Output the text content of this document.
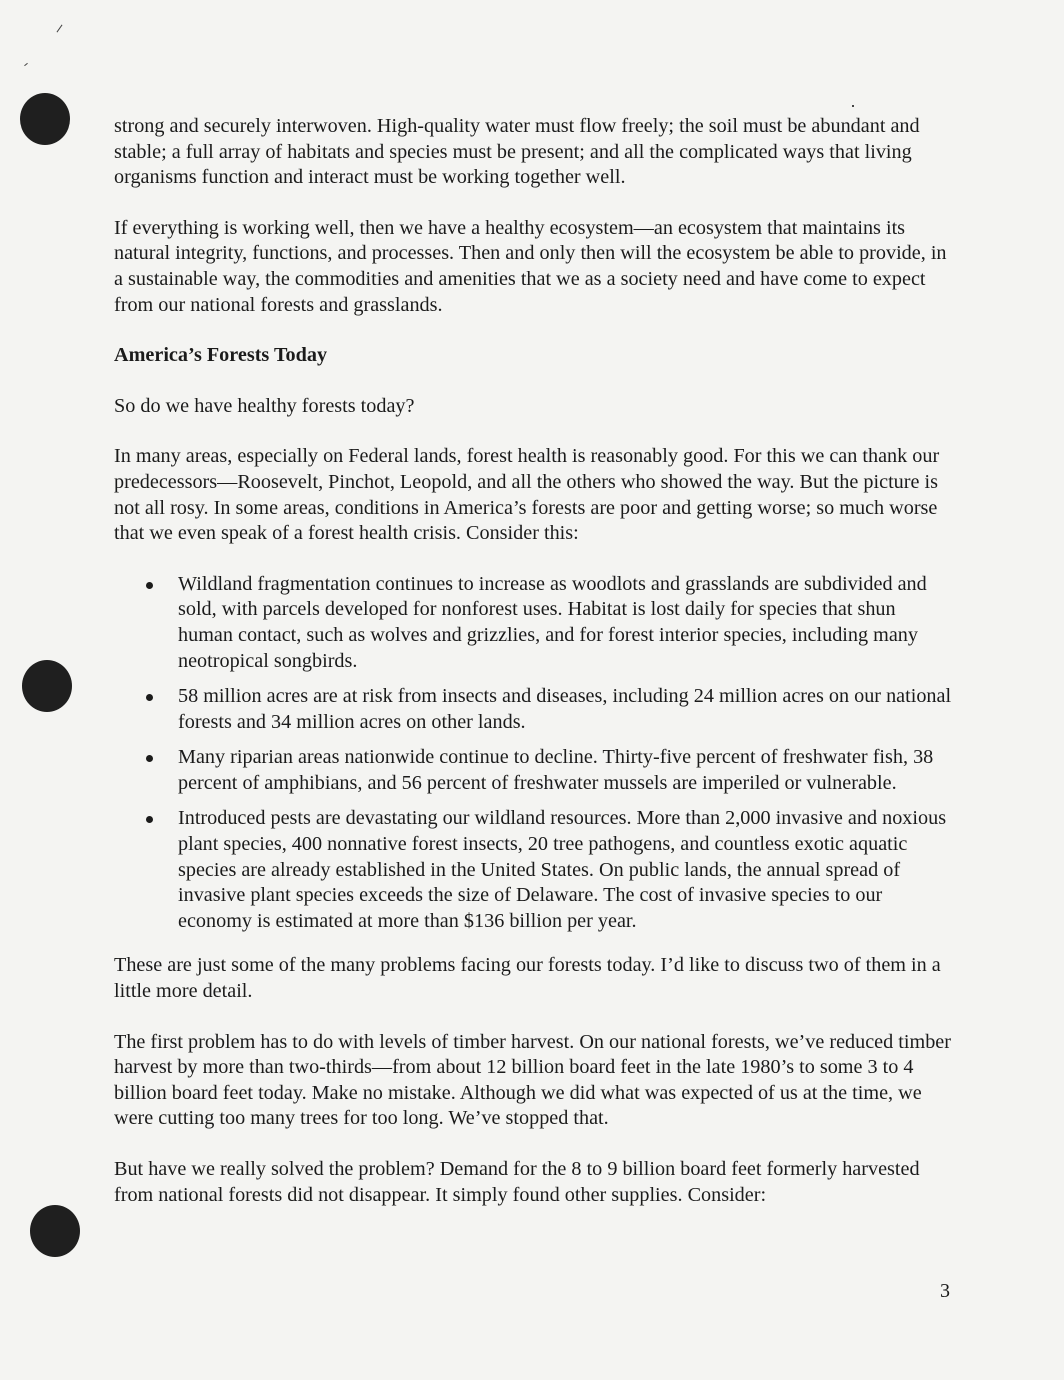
strong and securely interwoven. High-quality water must flow freely; the soil must be abundant and stable; a full array of habitats and species must be present; and all the complicated ways that living organisms function and interact must be working together well.

If everything is working well, then we have a healthy ecosystem—an ecosystem that maintains its natural integrity, functions, and processes. Then and only then will the ecosystem be able to provide, in a sustainable way, the commodities and amenities that we as a society need and have come to expect from our national forests and grasslands.

America’s Forests Today

So do we have healthy forests today?

In many areas, especially on Federal lands, forest health is reasonably good. For this we can thank our predecessors—Roosevelt, Pinchot, Leopold, and all the others who showed the way. But the picture is not all rosy. In some areas, conditions in America’s forests are poor and getting worse; so much worse that we even speak of a forest health crisis. Consider this:

Wildland fragmentation continues to increase as woodlots and grasslands are subdivided and sold, with parcels developed for nonforest uses. Habitat is lost daily for species that shun human contact, such as wolves and grizzlies, and for forest interior species, including many neotropical songbirds.
58 million acres are at risk from insects and diseases, including 24 million acres on our national forests and 34 million acres on other lands.
Many riparian areas nationwide continue to decline. Thirty-five percent of freshwater fish, 38 percent of amphibians, and 56 percent of freshwater mussels are imperiled or vulnerable.
Introduced pests are devastating our wildland resources. More than 2,000 invasive and noxious plant species, 400 nonnative forest insects, 20 tree pathogens, and countless exotic aquatic species are already established in the United States. On public lands, the annual spread of invasive plant species exceeds the size of Delaware. The cost of invasive species to our economy is estimated at more than $136 billion per year.

These are just some of the many problems facing our forests today. I’d like to discuss two of them in a little more detail.

The first problem has to do with levels of timber harvest. On our national forests, we’ve reduced timber harvest by more than two-thirds—from about 12 billion board feet in the late 1980’s to some 3 to 4 billion board feet today. Make no mistake. Although we did what was expected of us at the time, we were cutting too many trees for too long. We’ve stopped that.

But have we really solved the problem? Demand for the 8 to 9 billion board feet formerly harvested from national forests did not disappear. It simply found other supplies. Consider:

3
